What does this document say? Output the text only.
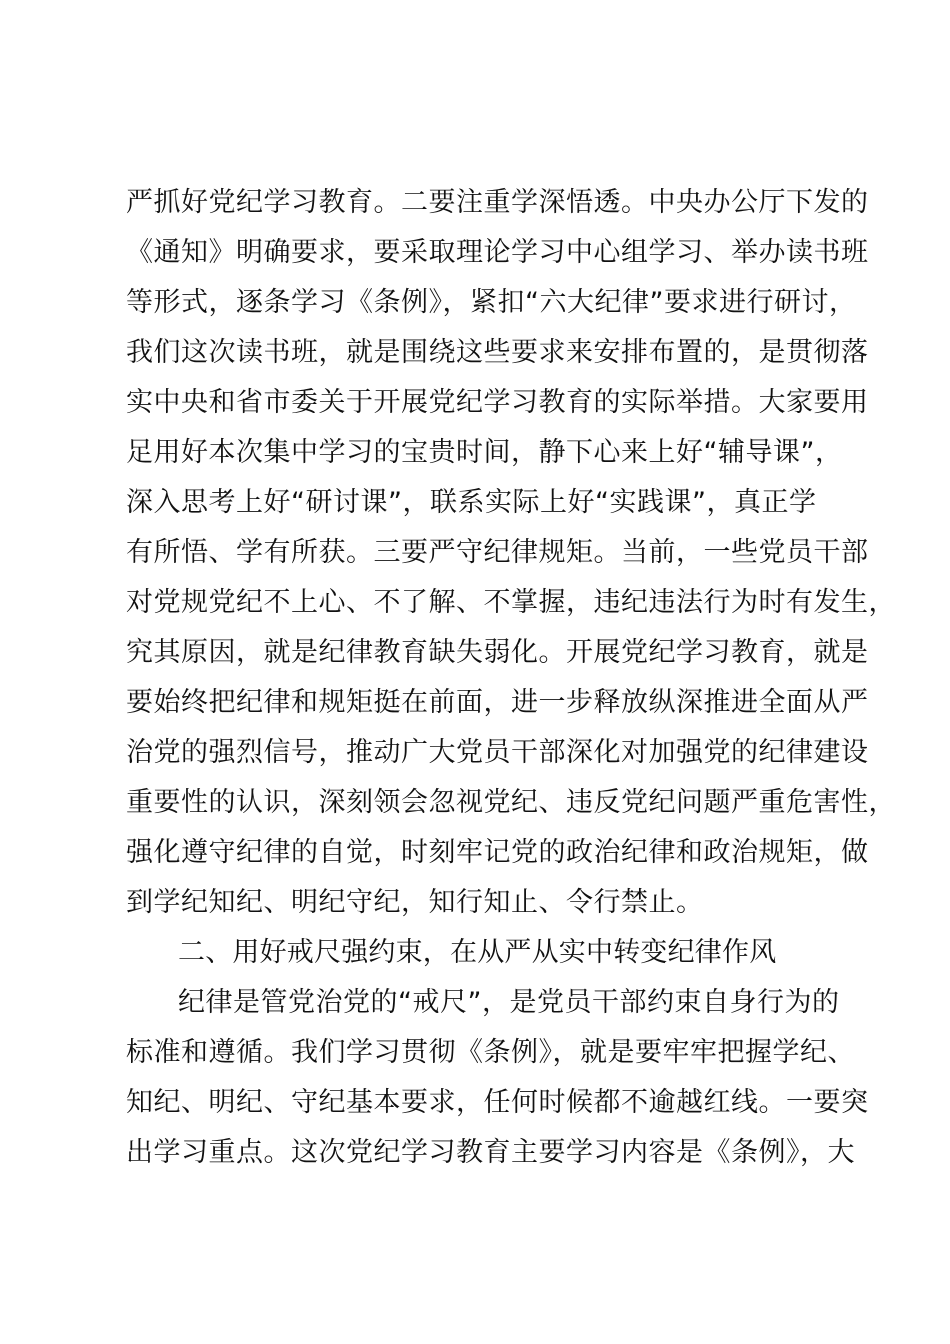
严抓好党纪学习教育。二要注重学深悟透。中央办公厅下发的
《通知》明确要求，要采取理论学习中心组学习、举办读书班
等形式，逐条学习《条例》，紧扣“六大纪律”要求进行研讨，
我们这次读书班，就是围绕这些要求来安排布置的，是贯彻落
实中央和省市委关于开展党纪学习教育的实际举措。大家要用
足用好本次集中学习的宝贵时间，静下心来上好“辅导课”，
深入思考上好“研讨课”，联系实际上好“实践课”，真正学
有所悟、学有所获。三要严守纪律规矩。当前，一些党员干部
对党规党纪不上心、不了解、不掌握，违纪违法行为时有发生，
究其原因，就是纪律教育缺失弱化。开展党纪学习教育，就是
要始终把纪律和规矩挺在前面，进一步释放纵深推进全面从严
治党的强烈信号，推动广大党员干部深化对加强党的纪律建设
重要性的认识，深刻领会忽视党纪、违反党纪问题严重危害性，
强化遵守纪律的自觉，时刻牢记党的政治纪律和政治规矩，做
到学纪知纪、明纪守纪，知行知止、令行禁止。
二、用好戒尺强约束，在从严从实中转变纪律作风
纪律是管党治党的“戒尺”，是党员干部约束自身行为的
标准和遵循。我们学习贯彻《条例》，就是要牢牢把握学纪、
知纪、明纪、守纪基本要求，任何时候都不逾越红线。一要突
出学习重点。这次党纪学习教育主要学习内容是《条例》，大
